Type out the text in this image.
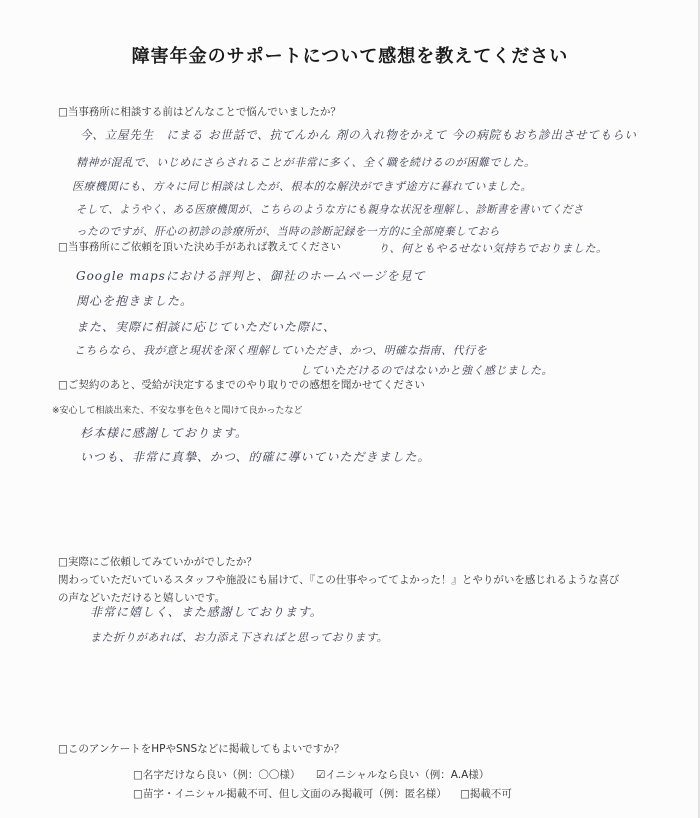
障害年金のサポートについて感想を教えてください
□当事務所に相談する前はどんなことで悩んでいましたか？
今、立屋先生　にまる お世話で、抗てんかん 剤の入れ物をかえて 今の病院もおち診出させてもらい
精神が混乱で、いじめにさらされることが非常に多く、全く職を続けるのが困難でした。
医療機関にも、方々に同じ相談はしたが、根本的な解決ができず途方に暮れていました。
そして、ようやく、ある医療機関が、こちらのような方にも親身な状況を理解し、診断書を書いてくださ
ったのですが、肝心の初診の診療所が、当時の診断記録を一方的に全部廃棄しておら
□当事務所にご依頼を頂いた決め手があれば教えてください	り、何ともやるせない気持ちでおりました。
Google mapsにおける評判と、御社のホームページを見て
関心を抱きました。
また、実際に相談に応じていただいた際に、
こちらなら、我が意と現状を深く理解していただき、かつ、明確な指南、代行を
していただけるのではないかと強く感じました。
□ご契約のあと、受給が決定するまでのやり取りでの感想を聞かせてください
※安心して相談出来た、不安な事を色々と聞けて良かったなど
杉本様に感謝しております。
いつも、非常に真摯、かつ、的確に導いていただきました。
□実際にご依頼してみていかがでしたか？
関わっていただいているスタッフや施設にも届けて、『この仕事やっててよかった！』とやりがいを感じれるような喜び
の声などいただけると嬉しいです。
非常に嬉しく、また感謝しております。
また折りがあれば、お力添え下さればと思っております。
□このアンケートをHPやSNSなどに掲載してもよいですか？
□名字だけなら良い（例：〇〇様） ☑イニシャルなら良い（例：A.A様）
□苗字・イニシャル掲載不可、但し文面のみ掲載可（例：匿名様） □掲載不可
